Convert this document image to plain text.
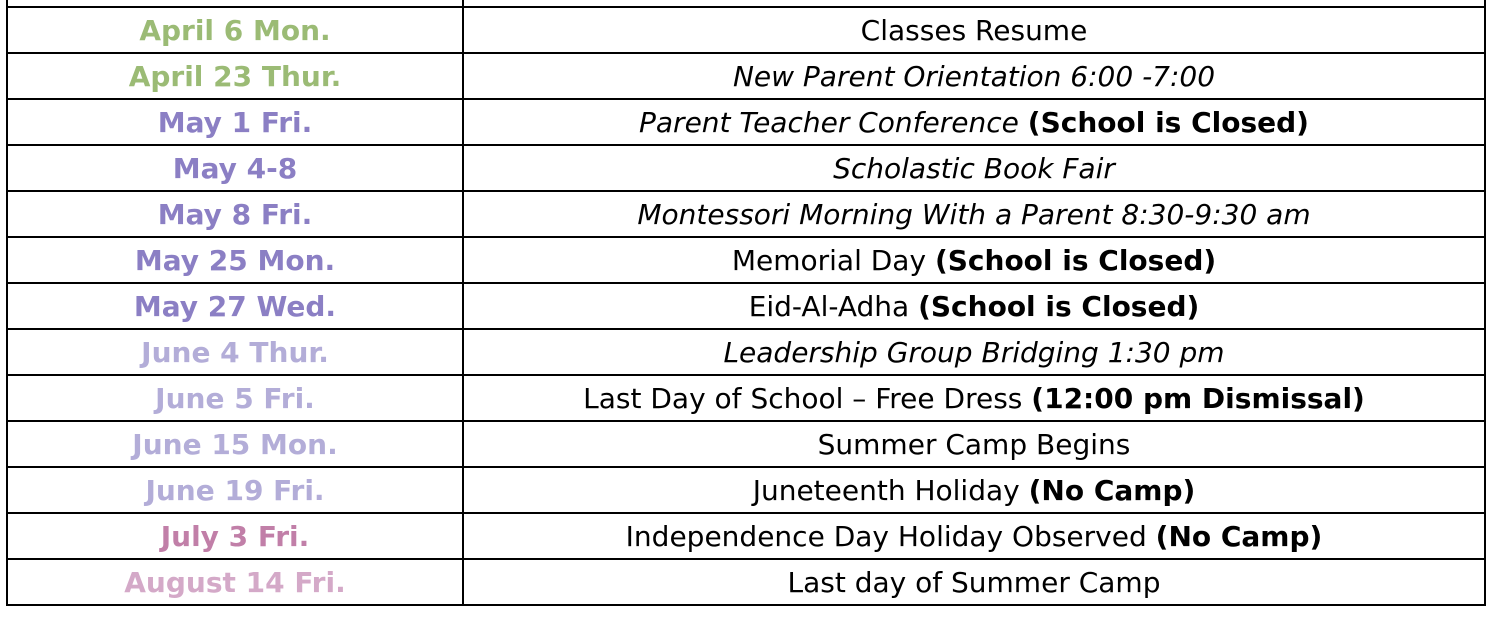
April 6 Mon.	Classes Resume
April 23 Thur.	New Parent Orientation 6:00 -7:00
May 1 Fri.	Parent Teacher Conference (School is Closed)
May 4-8	Scholastic Book Fair
May 8 Fri.	Montessori Morning With a Parent 8:30-9:30 am
May 25 Mon.	Memorial Day (School is Closed)
May 27 Wed.	Eid-Al-Adha (School is Closed)
June 4 Thur.	Leadership Group Bridging 1:30 pm
June 5 Fri.	Last Day of School – Free Dress (12:00 pm Dismissal)
June 15 Mon.	Summer Camp Begins
June 19 Fri.	Juneteenth Holiday (No Camp)
July 3 Fri.	Independence Day Holiday Observed (No Camp)
August 14 Fri.	Last day of Summer Camp
